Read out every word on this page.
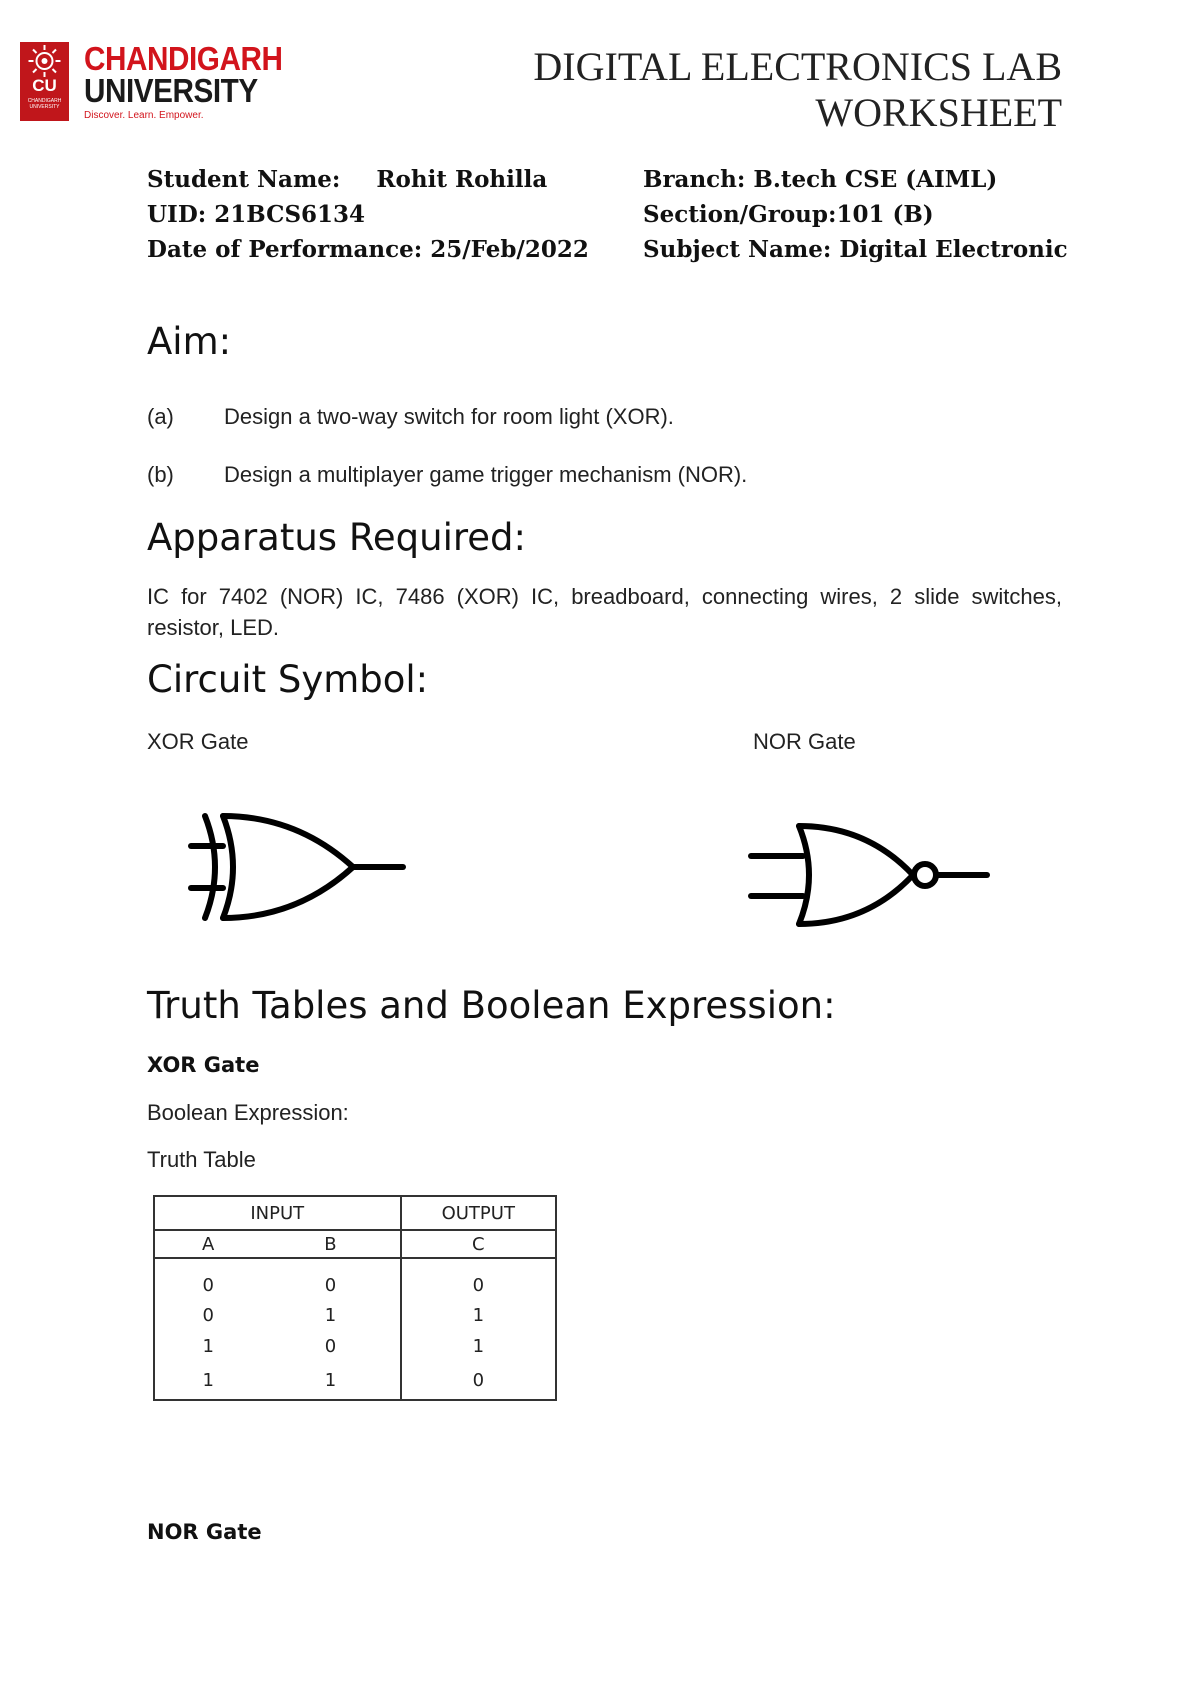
CU
CHANDIGARH UNIVERSITY
CHANDIGARH
UNIVERSITY
Discover. Learn. Empower.
DIGITAL ELECTRONICS LAB
WORKSHEET
Student Name: Rohit Rohilla
UID: 21BCS6134
Date of Performance: 25/Feb/2022
Branch: B.tech CSE (AIML)
Section/Group:101 (B)
Subject Name: Digital Electronic
Aim:
(a) Design a two-way switch for room light (XOR).
(b) Design a multiplayer game trigger mechanism (NOR).
Apparatus Required:
IC for 7402 (NOR) IC, 7486 (XOR) IC, breadboard, connecting wires, 2 slide switches, resistor, LED.
Circuit Symbol:
XOR Gate	NOR Gate
Truth Tables and Boolean Expression:
XOR Gate
Boolean Expression:
Truth Table
INPUT		OUTPUT
A	B	C
0	0	0
0	1	1
1	0	1
1	1	0
NOR Gate
